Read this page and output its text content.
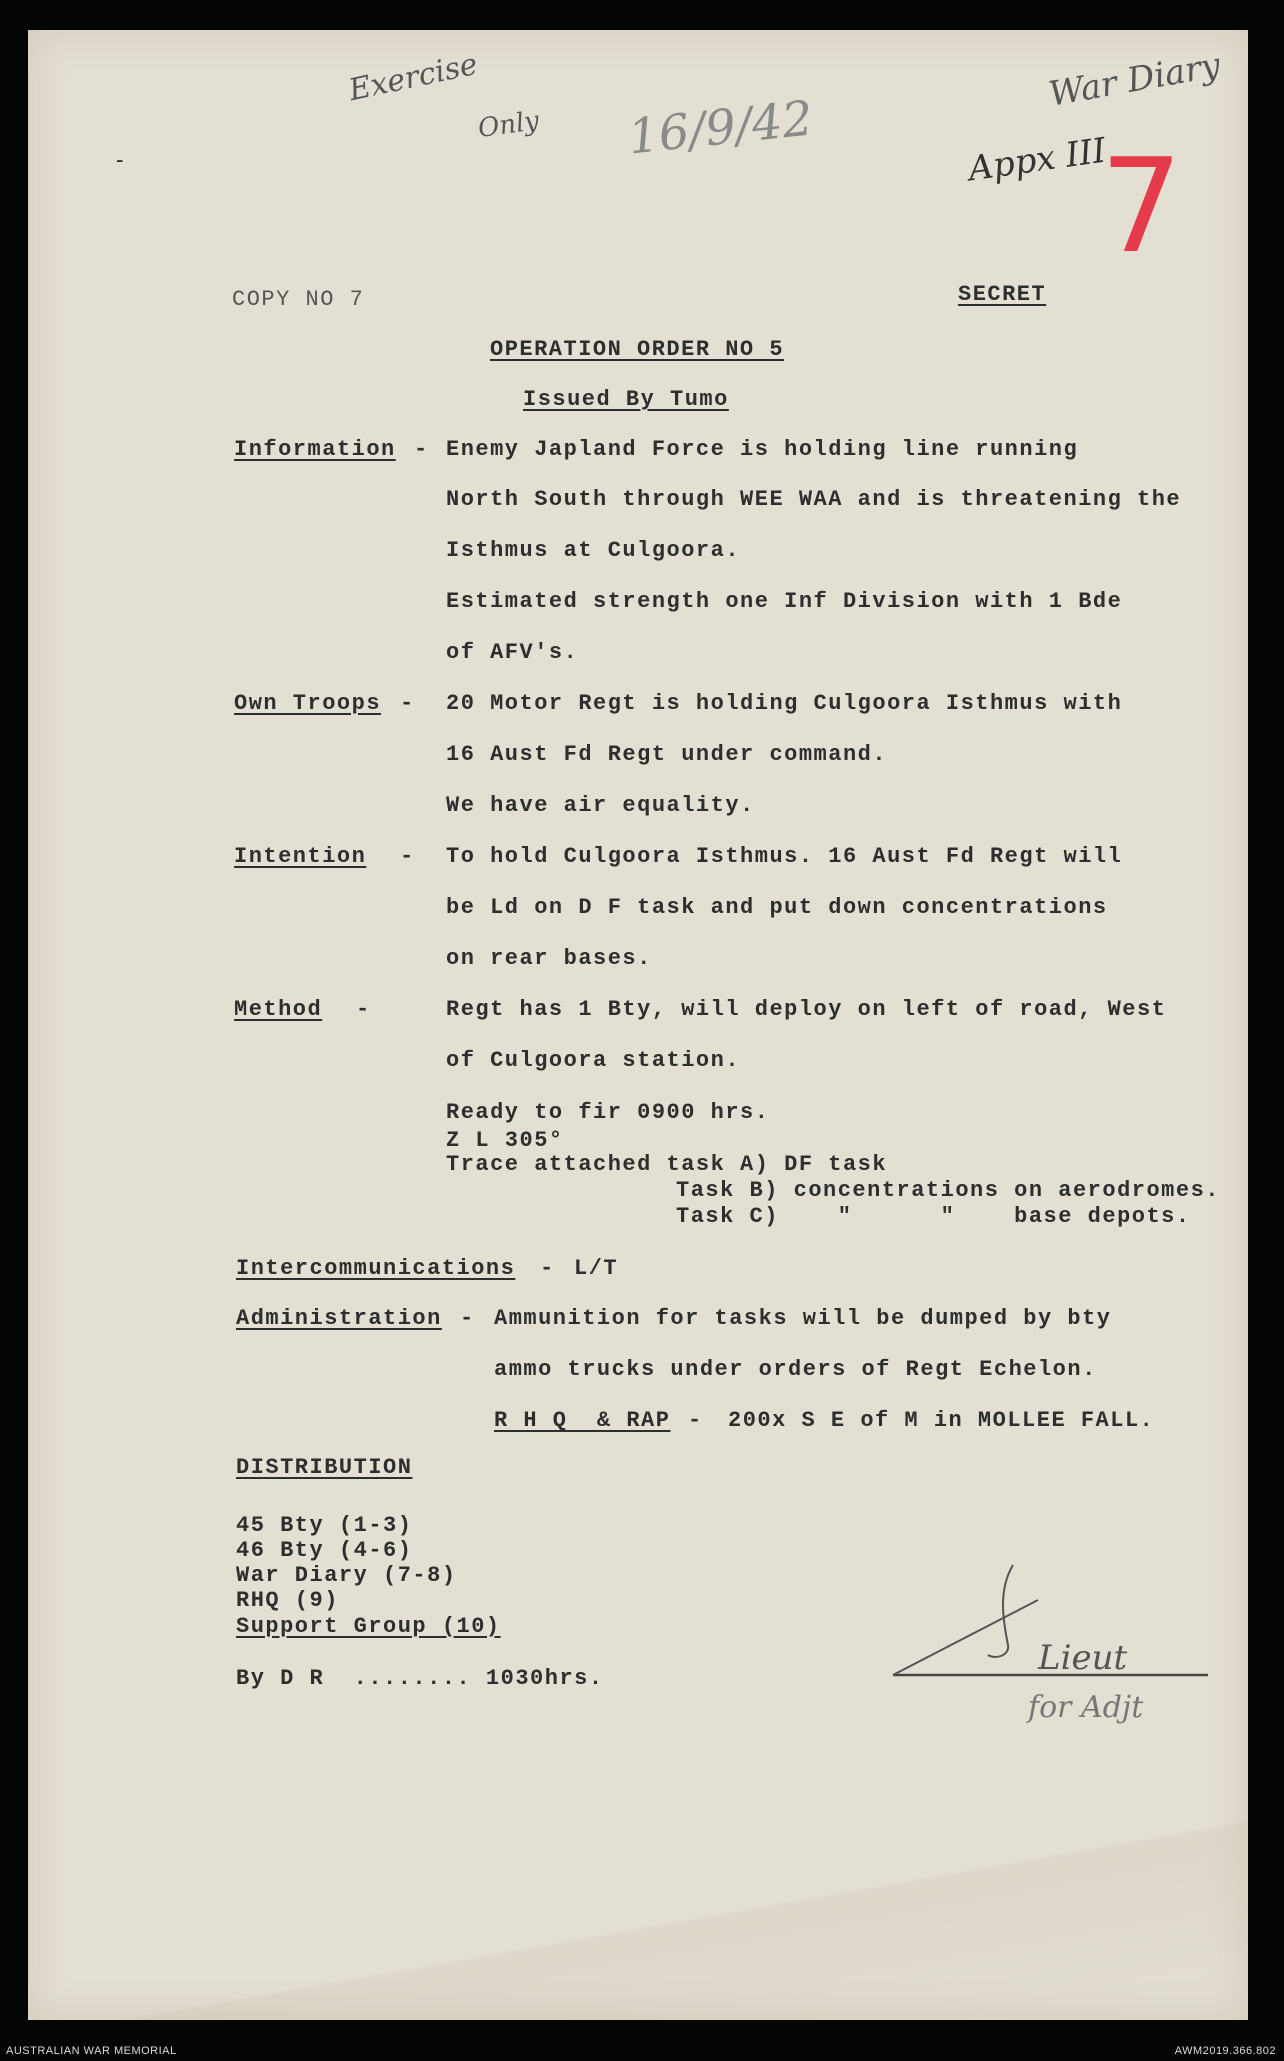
Exercise
Only 16/9/42
War Diary
Appx III
7
-
COPY NO 7	SECRET
OPERATION ORDER NO 5
Issued By Tumo
Information - Enemy Japland Force is holding line running
North South through WEE WAA and is threatening the
Isthmus at Culgoora.
Estimated strength one Inf Division with 1 Bde
of AFV's.
Own Troops - 20 Motor Regt is holding Culgoora Isthmus with
16 Aust Fd Regt under command.
We have air equality.
Intention - To hold Culgoora Isthmus. 16 Aust Fd Regt will
be Ld on D F task and put down concentrations
on rear bases.
Method -	Regt has 1 Bty, will deploy on left of road, West
of Culgoora station.
Ready to fir 0900 hrs.
Z L 305°
Trace attached task A) DF task
Task B) concentrations on aerodromes.
Task C)    "      "    base depots.
Intercommunications - L/T
Administration - Ammunition for tasks will be dumped by bty
ammo trucks under orders of Regt Echelon.
R H Q  & RAP - 200x S E of M in MOLLEE FALL.
DISTRIBUTION
45 Bty (1-3)
46 Bty (4-6)
War Diary (7-8)
RHQ (9)
Support Group (10)
By D R  ........ 1030hrs.
Lieut
for Adjt
AUSTRALIAN WAR MEMORIAL	AWM2019.366.802
